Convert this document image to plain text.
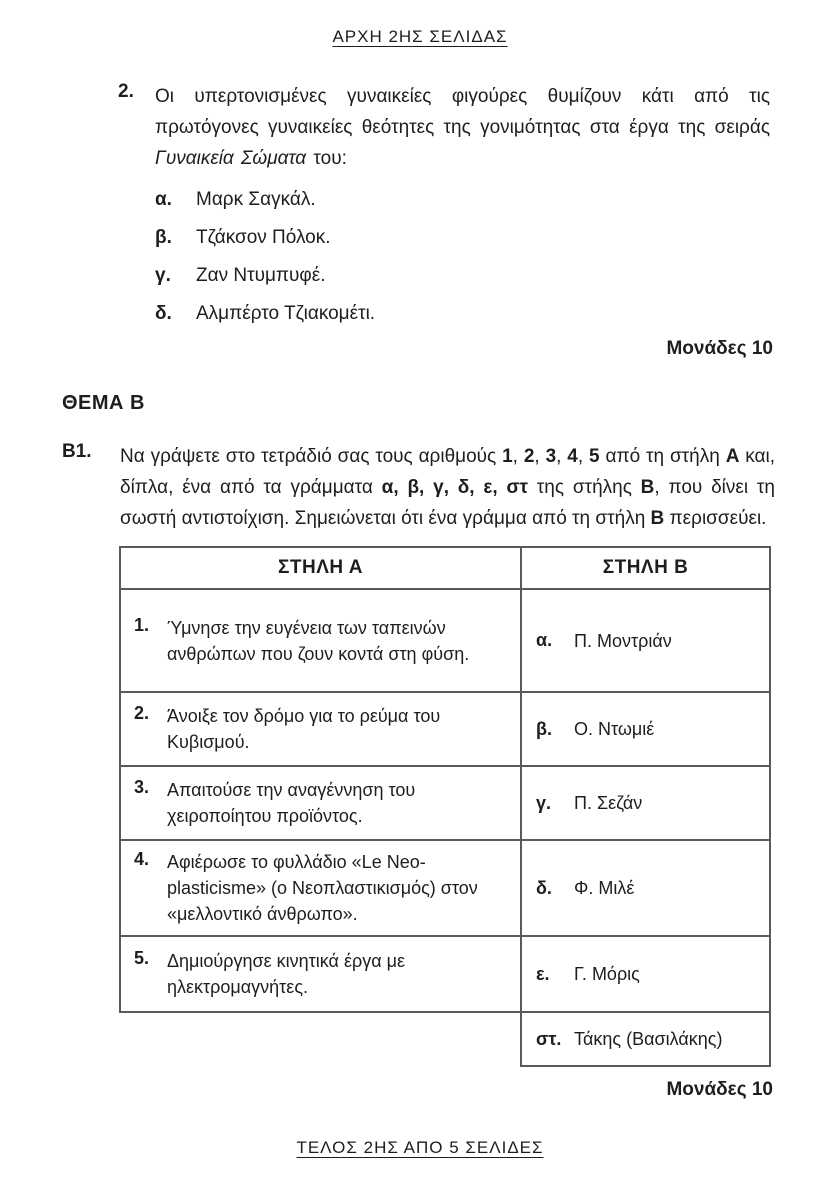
ΑΡΧΗ 2ΗΣ ΣΕΛΙΔΑΣ
2.	Οι υπερτονισμένες γυναικείες φιγούρες θυμίζουν κάτι από τις πρωτόγονες γυναικείες θεότητες της γονιμότητας στα έργα της σειράς Γυναικεία Σώματα του:
α.	Μαρκ Σαγκάλ.
β.	Τζάκσον Πόλοκ.
γ.	Ζαν Ντυμπυφέ.
δ.	Αλμπέρτο Τζιακομέτι.
Μονάδες 10
ΘΕΜΑ Β
Β1.	Να γράψετε στο τετράδιό σας τους αριθμούς 1, 2, 3, 4, 5 από τη στήλη Α και, δίπλα, ένα από τα γράμματα α, β, γ, δ, ε, στ της στήλης Β, που δίνει τη σωστή αντιστοίχιση. Σημειώνεται ότι ένα γράμμα από τη στήλη Β περισσεύει.
ΣΤΗΛΗ Α	ΣΤΗΛΗ Β

1. Ύμνησε την ευγένεια των ταπεινών ανθρώπων που ζουν κοντά στη φύση.	α. Π. Μοντριάν

2. Άνοιξε τον δρόμο για το ρεύμα του Κυβισμού.	β. Ο. Ντωμιέ

3. Απαιτούσε την αναγέννηση του χειροποίητου προϊόντος.	γ. Π. Σεζάν

4. Αφιέρωσε το φυλλάδιο «Le Neo-plasticisme» (ο Νεοπλαστικισμός) στον «μελλοντικό άνθρωπο».	δ. Φ. Μιλέ

5. Δημιούργησε κινητικά έργα με ηλεκτρομαγνήτες.	ε. Γ. Μόρις

	στ. Τάκης (Βασιλάκης)
Μονάδες 10
ΤΕΛΟΣ 2ΗΣ ΑΠΟ 5 ΣΕΛΙΔΕΣ
